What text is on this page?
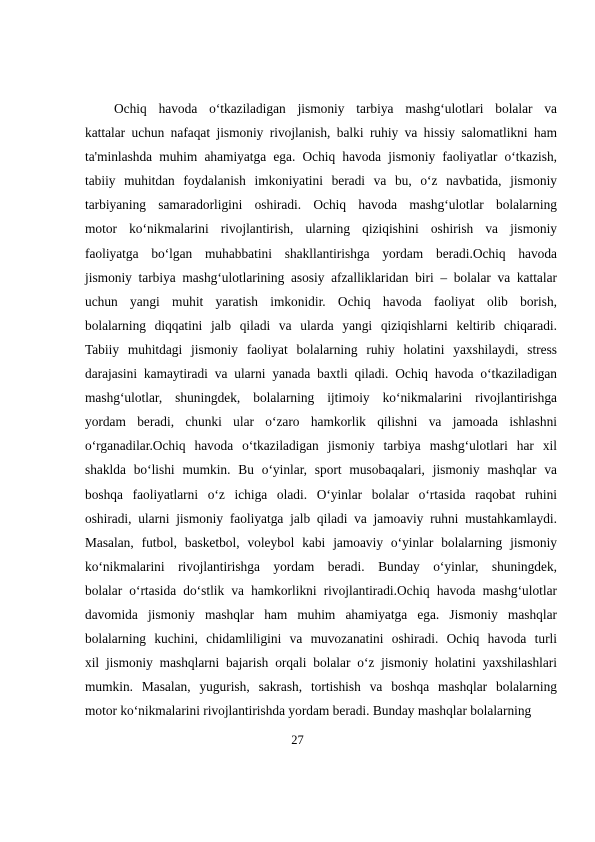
Ochiq havoda o‘tkaziladigan jismoniy tarbiya mashg‘ulotlari bolalar va
kattalar uchun nafaqat jismoniy rivojlanish, balki ruhiy va hissiy salomatlikni ham
ta'minlashda muhim ahamiyatga ega. Ochiq havoda jismoniy faoliyatlar o‘tkazish,
tabiiy muhitdan foydalanish imkoniyatini beradi va bu, o‘z navbatida, jismoniy
tarbiyaning samaradorligini oshiradi. Ochiq havoda mashg‘ulotlar bolalarning
motor ko‘nikmalarini rivojlantirish, ularning qiziqishini oshirish va jismoniy
faoliyatga bo‘lgan muhabbatini shakllantirishga yordam beradi.Ochiq havoda
jismoniy tarbiya mashg‘ulotlarining asosiy afzalliklaridan biri – bolalar va kattalar
uchun yangi muhit yaratish imkonidir. Ochiq havoda faoliyat olib borish,
bolalarning diqqatini jalb qiladi va ularda yangi qiziqishlarni keltirib chiqaradi.
Tabiiy muhitdagi jismoniy faoliyat bolalarning ruhiy holatini yaxshilaydi, stress
darajasini kamaytiradi va ularni yanada baxtli qiladi. Ochiq havoda o‘tkaziladigan
mashg‘ulotlar, shuningdek, bolalarning ijtimoiy ko‘nikmalarini rivojlantirishga
yordam beradi, chunki ular o‘zaro hamkorlik qilishni va jamoada ishlashni
o‘rganadilar.Ochiq havoda o‘tkaziladigan jismoniy tarbiya mashg‘ulotlari har xil
shaklda bo‘lishi mumkin. Bu o‘yinlar, sport musobaqalari, jismoniy mashqlar va
boshqa faoliyatlarni o‘z ichiga oladi. O‘yinlar bolalar o‘rtasida raqobat ruhini
oshiradi, ularni jismoniy faoliyatga jalb qiladi va jamoaviy ruhni mustahkamlaydi.
Masalan, futbol, basketbol, voleybol kabi jamoaviy o‘yinlar bolalarning jismoniy
ko‘nikmalarini rivojlantirishga yordam beradi. Bunday o‘yinlar, shuningdek,
bolalar o‘rtasida do‘stlik va hamkorlikni rivojlantiradi.Ochiq havoda mashg‘ulotlar
davomida jismoniy mashqlar ham muhim ahamiyatga ega. Jismoniy mashqlar
bolalarning kuchini, chidamliligini va muvozanatini oshiradi. Ochiq havoda turli
xil jismoniy mashqlarni bajarish orqali bolalar o‘z jismoniy holatini yaxshilashlari
mumkin. Masalan, yugurish, sakrash, tortishish va boshqa mashqlar bolalarning
motor ko‘nikmalarini rivojlantirishda yordam beradi. Bunday mashqlar bolalarning
27
